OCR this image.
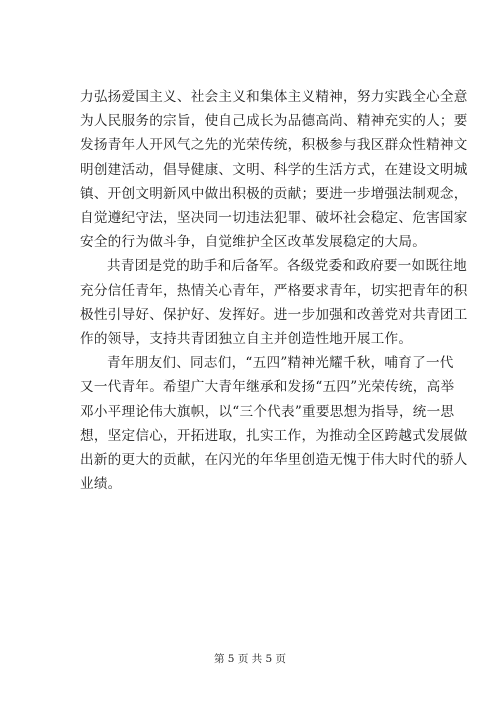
力弘扬爱国主义、社会主义和集体主义精神，努力实践全心全意
为人民服务的宗旨，使自己成长为品德高尚、精神充实的人；要
发扬青年人开风气之先的光荣传统，积极参与我区群众性精神文
明创建活动，倡导健康、文明、科学的生活方式，在建设文明城
镇、开创文明新风中做出积极的贡献；要进一步增强法制观念，
自觉遵纪守法，坚决同一切违法犯罪、破坏社会稳定、危害国家
安全的行为做斗争，自觉维护全区改革发展稳定的大局。

共青团是党的助手和后备军。各级党委和政府要一如既往地
充分信任青年，热情关心青年，严格要求青年，切实把青年的积
极性引导好、保护好、发挥好。进一步加强和改善党对共青团工
作的领导，支持共青团独立自主并创造性地开展工作。

青年朋友们、同志们，“五四”精神光耀千秋，哺育了一代
又一代青年。希望广大青年继承和发扬“五四”光荣传统，高举
邓小平理论伟大旗帜，以“三个代表”重要思想为指导，统一思
想，坚定信心，开拓进取，扎实工作，为推动全区跨越式发展做
出新的更大的贡献，在闪光的年华里创造无愧于伟大时代的骄人
业绩。

第 5 页 共 5 页
